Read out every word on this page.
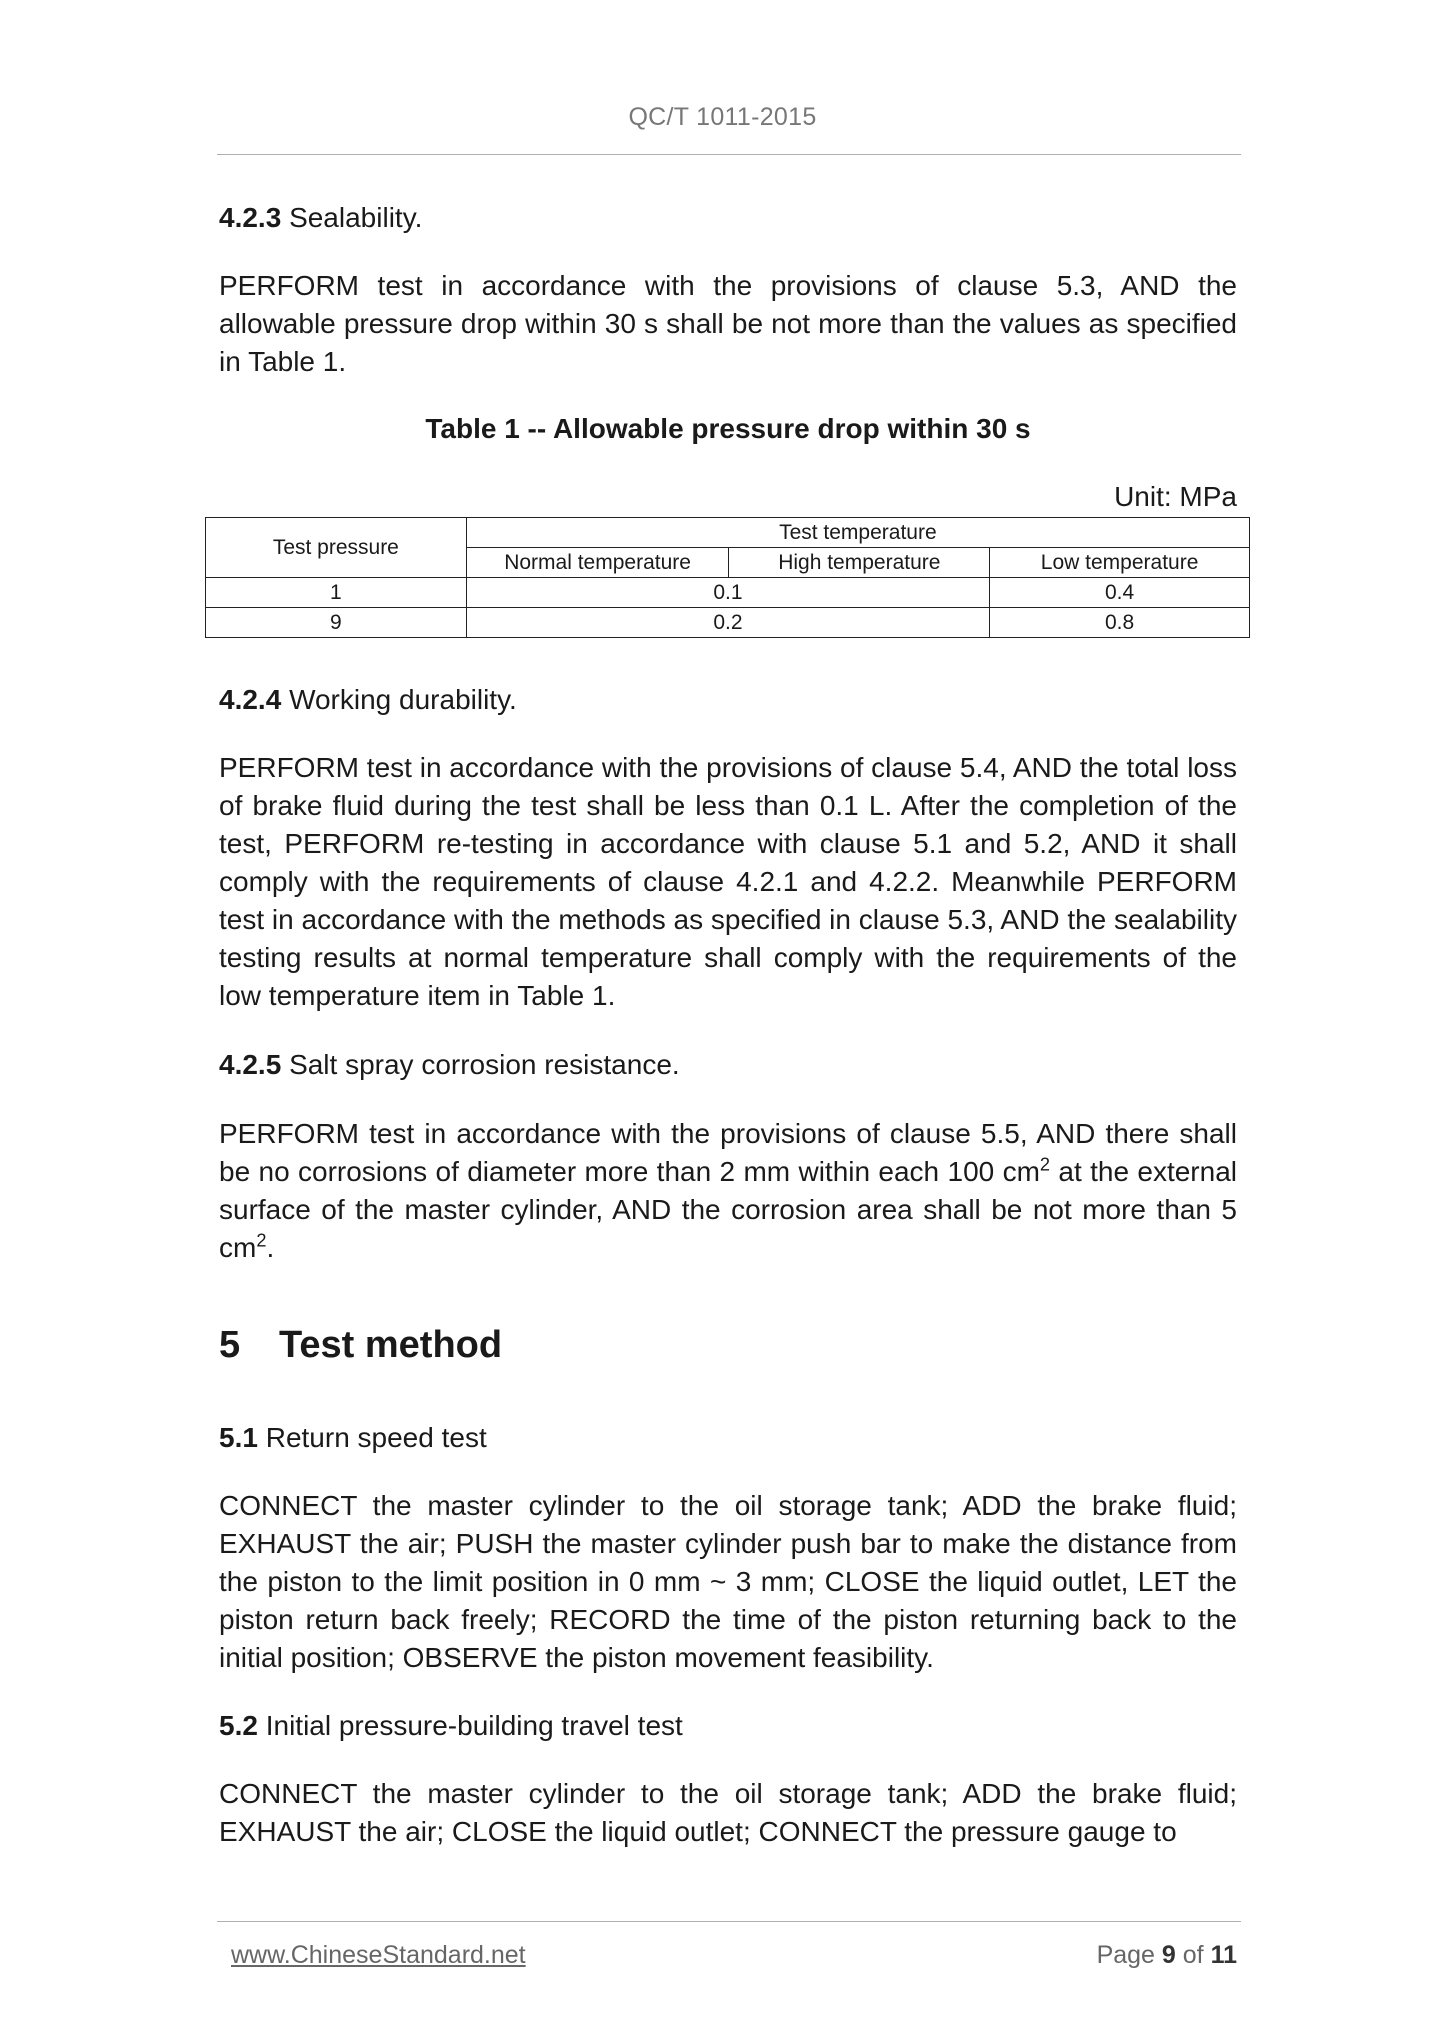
QC/T 1011-2015
4.2.3 Sealability.
PERFORM test in accordance with the provisions of clause 5.3, AND the allowable pressure drop within 30 s shall be not more than the values as specified in Table 1.
Table 1 -- Allowable pressure drop within 30 s
Unit: MPa
4.2.4 Working durability.
PERFORM test in accordance with the provisions of clause 5.4, AND the total loss of brake fluid during the test shall be less than 0.1 L. After the completion of the test, PERFORM re-testing in accordance with clause 5.1 and 5.2, AND it shall comply with the requirements of clause 4.2.1 and 4.2.2. Meanwhile PERFORM test in accordance with the methods as specified in clause 5.3, AND the sealability testing results at normal temperature shall comply with the requirements of the low temperature item in Table 1.
4.2.5 Salt spray corrosion resistance.
PERFORM test in accordance with the provisions of clause 5.5, AND there shall be no corrosions of diameter more than 2 mm within each 100 $cm^2$ at the external surface of the master cylinder, AND the corrosion area shall be not more than 5 $cm^2$.
5 Test method
5.1 Return speed test
CONNECT the master cylinder to the oil storage tank; ADD the brake fluid; EXHAUST the air; PUSH the master cylinder push bar to make the distance from the piston to the limit position in 0 mm ~ 3 mm; CLOSE the liquid outlet, LET the piston return back freely; RECORD the time of the piston returning back to the initial position; OBSERVE the piston movement feasibility.
5.2 Initial pressure-building travel test
CONNECT the master cylinder to the oil storage tank; ADD the brake fluid; EXHAUST the air; CLOSE the liquid outlet; CONNECT the pressure gauge to
Test pressure	Test temperature		
	Normal temperature	High temperature	Low temperature
1	0.1		0.4
9	0.2		0.8
www.ChineseStandard.net	Page 9 of 11
